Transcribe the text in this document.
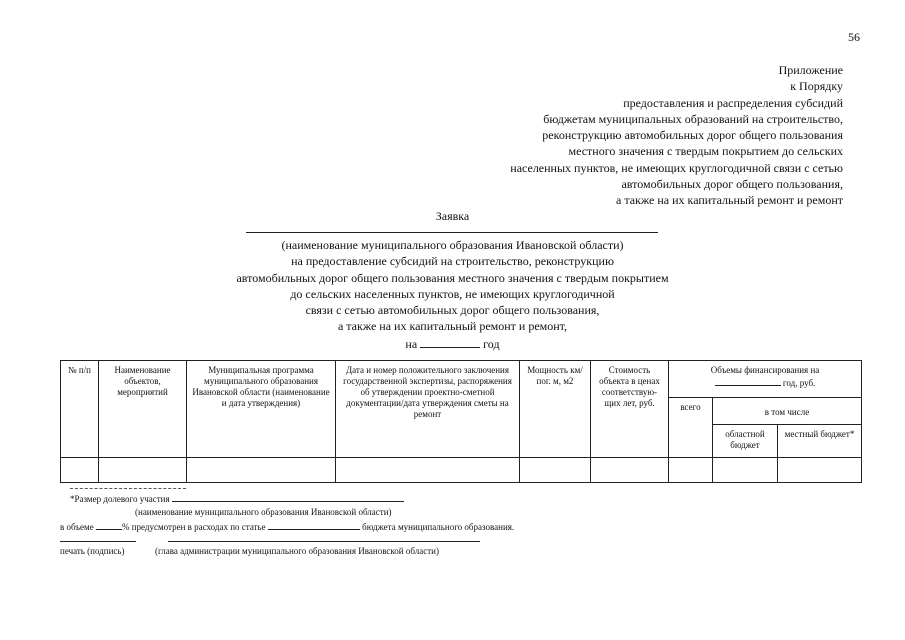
56
Приложение
к Порядку
предоставления и распределения субсидий
бюджетам муниципальных образований на строительство,
реконструкцию автомобильных дорог общего пользования
местного значения с твердым покрытием до сельских
населенных пунктов, не имеющих круглогодичной связи с сетью
автомобильных дорог общего пользования,
а также на их капитальный ремонт и ремонт
Заявка
(наименование муниципального образования Ивановской области)
на предоставление субсидий на строительство, реконструкцию
автомобильных дорог общего пользования местного значения с твердым покрытием
до сельских населенных пунктов, не имеющих круглогодичной
связи с сетью автомобильных дорог общего пользования,
а также на их капитальный ремонт и ремонт,
на	год
№ п/п	Наименование объектов, мероприятий	Муниципальная программа муниципального образования Ивановской области (наименование и дата утверждения)	Дата и номер положительного заключения государственной экспертизы, распоряжения об утверждении проектно-сметной документации/дата утверждения сметы на ремонт	Мощность км/пог. м, м2	Стоимость объекта в ценах соответствую-щих лет, руб.	Объемы финансирования на
год, руб.		

						всего	в том числе	
							областной бюджет	местный бюджет*

*Размер долевого участия
(наименование муниципального образования Ивановской области)
в объеме	% предусмотрен в расходах по статье	бюджета муниципального образования.
печать (подпись)	(глава администрации муниципального образования Ивановской области)
